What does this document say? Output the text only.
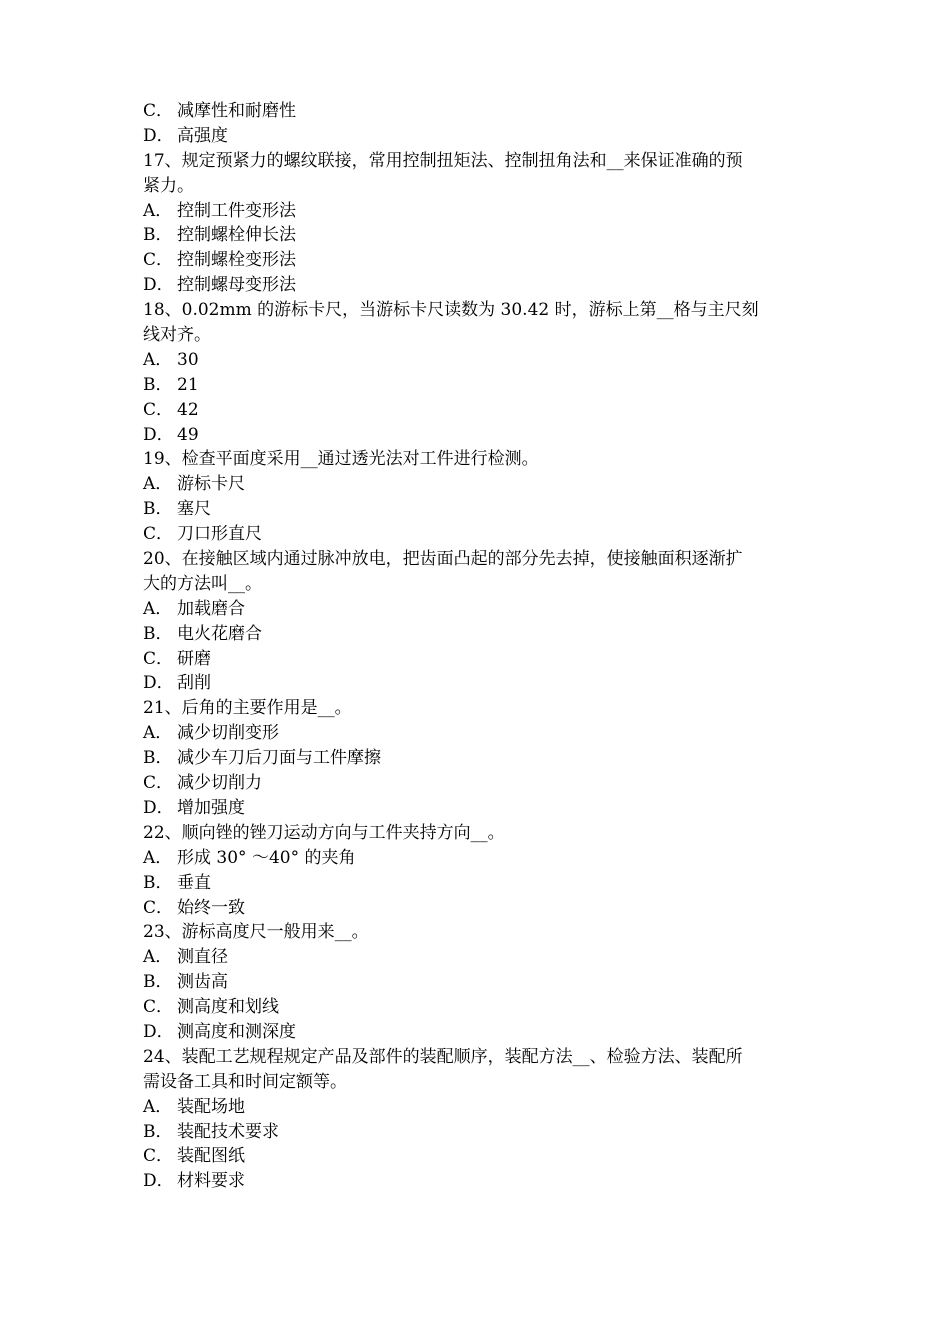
C． 减摩性和耐磨性
D． 高强度
17、规定预紧力的螺纹联接，常用控制扭矩法、控制扭角法和__来保证准确的预
紧力。
A． 控制工件变形法
B． 控制螺栓伸长法
C． 控制螺栓变形法
D． 控制螺母变形法
18、0.02mm 的游标卡尺，当游标卡尺读数为 30.42 时，游标上第__格与主尺刻
线对齐。
A． 30
B． 21
C． 42
D． 49
19、检查平面度采用__通过透光法对工件进行检测。
A． 游标卡尺
B． 塞尺
C． 刀口形直尺
20、在接触区域内通过脉冲放电，把齿面凸起的部分先去掉，使接触面积逐渐扩
大的方法叫__。
A． 加载磨合
B． 电火花磨合
C． 研磨
D． 刮削
21、后角的主要作用是__。
A． 减少切削变形
B． 减少车刀后刀面与工件摩擦
C． 减少切削力
D． 增加强度
22、顺向锉的锉刀运动方向与工件夹持方向__。
A． 形成 30° ～40° 的夹角
B． 垂直
C． 始终一致
23、游标高度尺一般用来__。
A． 测直径
B． 测齿高
C． 测高度和划线
D． 测高度和测深度
24、装配工艺规程规定产品及部件的装配顺序，装配方法__、检验方法、装配所
需设备工具和时间定额等。
A． 装配场地
B． 装配技术要求
C． 装配图纸
D． 材料要求
